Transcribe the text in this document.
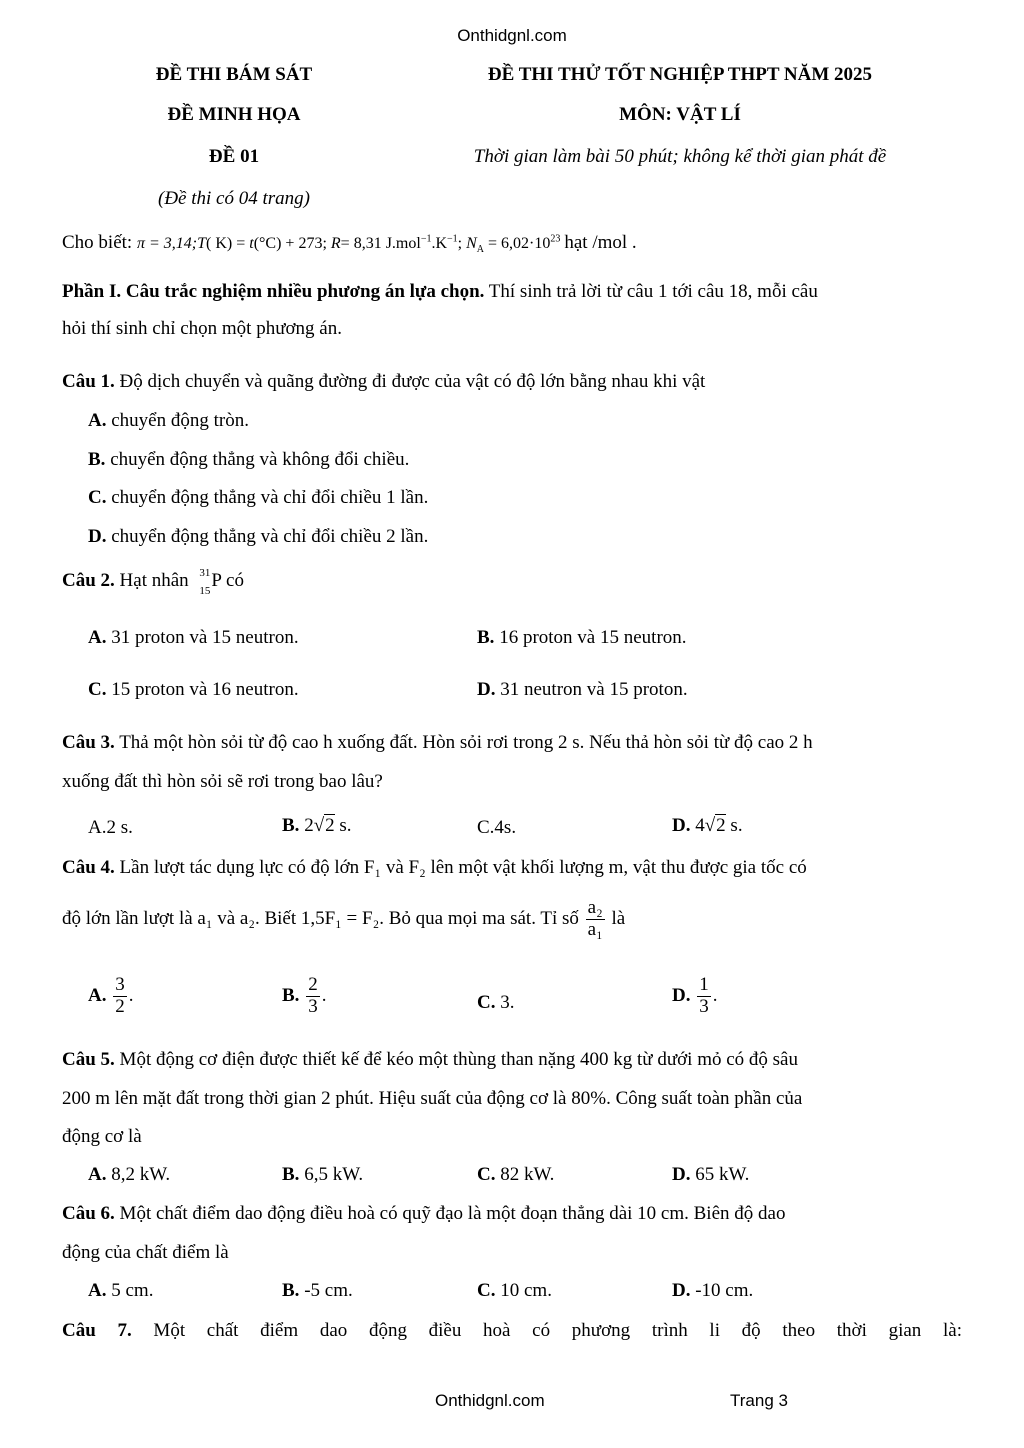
Onthidgnl.com
ĐỀ THI BÁM SÁT
ĐỀ MINH HỌA
ĐỀ 01
(Đề thi có 04 trang)
ĐỀ THI THỬ TỐT NGHIỆP THPT NĂM 2025
MÔN: VẬT LÍ
Thời gian làm bài 50 phút; không kể thời gian phát đề
Cho biết: π = 3,14;T( K) = t(°C) + 273; R= 8,31 $J.mol^{-1}.K^{-1}$; $N_A = 6,02\cdot 10^{23}$ hạt /mol .
Phần I. Câu trắc nghiệm nhiều phương án lựa chọn. Thí sinh trả lời từ câu 1 tới câu 18, mỗi câu
hỏi thí sinh chỉ chọn một phương án.
Câu 1. Độ dịch chuyển và quãng đường đi được của vật có độ lớn bằng nhau khi vật
A. chuyển động tròn.
B. chuyển động thẳng và không đổi chiều.
C. chuyển động thẳng và chỉ đổi chiều 1 lần.
D. chuyển động thẳng và chỉ đổi chiều 2 lần.
Câu 2. Hạt nhân 31
15 P có
A. 31 proton và 15 neutron.	B. 16 proton và 15 neutron.
C. 15 proton và 16 neutron.	D. 31 neutron và 15 proton.
Câu 3. Thả một hòn sỏi từ độ cao h xuống đất. Hòn sỏi rơi trong 2 s. Nếu thả hòn sỏi từ độ cao 2 h
xuống đất thì hòn sỏi sẽ rơi trong bao lâu?
A.2 s.	B. 2√2 s.	C.4s.	D. 4√2 s.
Câu 4. Lần lượt tác dụng lực có độ lớn F₁ và F₂ lên một vật khối lượng m, vật thu được gia tốc có
độ lớn lần lượt là a₁ và a₂. Biết 1,5F₁ = F₂. Bỏ qua mọi ma sát. Tỉ số $\frac{\text{a₂}}{\text{a₁}}$ là
A. $\frac{3}{2}$ .	B. $\frac{2}{3}$ .	C. 3.	D. $\frac{1}{3}$ .
Câu 5. Một động cơ điện được thiết kế để kéo một thùng than nặng 400 kg từ dưới mỏ có độ sâu
200 m lên mặt đất trong thời gian 2 phút. Hiệu suất của động cơ là 80%. Công suất toàn phần của
động cơ là
A. 8,2 kW.	B. 6,5 kW.	C. 82 kW.	D. 65 kW.
Câu 6. Một chất điểm dao động điều hoà có quỹ đạo là một đoạn thẳng dài 10 cm. Biên độ dao
động của chất điểm là
A. 5 cm.	B. -5 cm.	C. 10 cm.	D. -10 cm.
Câu 7. Một chất điểm dao động điều hoà có phương trình li độ theo thời gian là:
Onthidgnl.com	Trang 3
